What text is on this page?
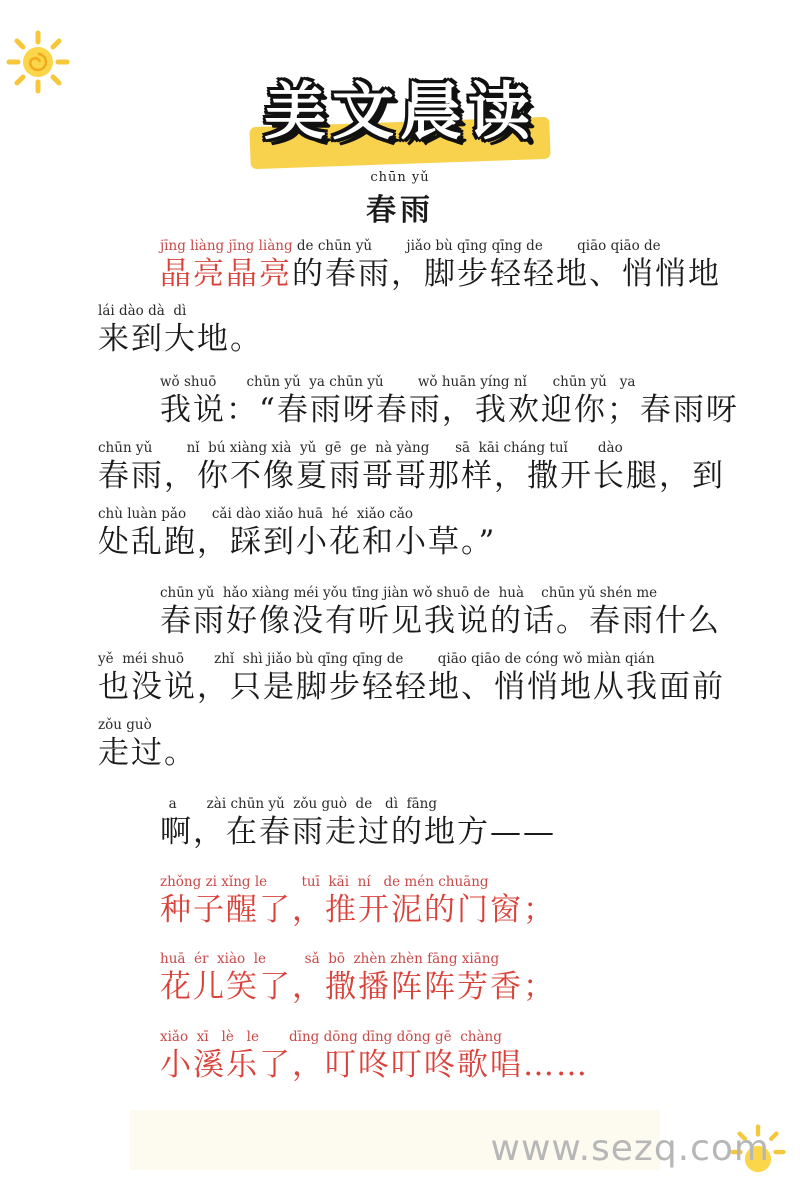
美文晨读
chūn yǔ
春雨
jīng liàng jīng liàng de chūn yǔ        jiǎo bù qīng qīng de        qiāo qiāo de
晶亮晶亮的春雨，脚步轻轻地、悄悄地
lái dào dà  dì
来到大地。
wǒ shuō       chūn yǔ  ya chūn yǔ        wǒ huān yíng nǐ      chūn yǔ   ya
我说：“春雨呀春雨，我欢迎你；春雨呀
chūn yǔ        nǐ  bú xiàng xià  yǔ  gē  ge  nà yàng      sā  kāi cháng tuǐ       dào
春雨，你不像夏雨哥哥那样，撒开长腿，到
chù luàn pǎo      cǎi dào xiǎo huā  hé  xiǎo cǎo
处乱跑，踩到小花和小草。”
chūn yǔ  hǎo xiàng méi yǒu tīng jiàn wǒ shuō de  huà    chūn yǔ shén me
春雨好像没有听见我说的话。春雨什么
yě  méi shuō       zhǐ  shì jiǎo bù qīng qīng de        qiāo qiāo de cóng wǒ miàn qián
也没说，只是脚步轻轻地、悄悄地从我面前
zǒu guò
走过。
a       zài chūn yǔ  zǒu guò  de   dì  fāng
啊，在春雨走过的地方——
zhǒng zi xǐng le        tuī  kāi  ní   de mén chuāng
种子醒了，推开泥的门窗；
huā  ér  xiào  le         sǎ  bō  zhèn zhèn fāng xiāng
花儿笑了，撒播阵阵芳香；
xiǎo  xī   lè   le       dīng dōng dīng dōng gē  chàng
小溪乐了，叮咚叮咚歌唱……
www.sezq.com
